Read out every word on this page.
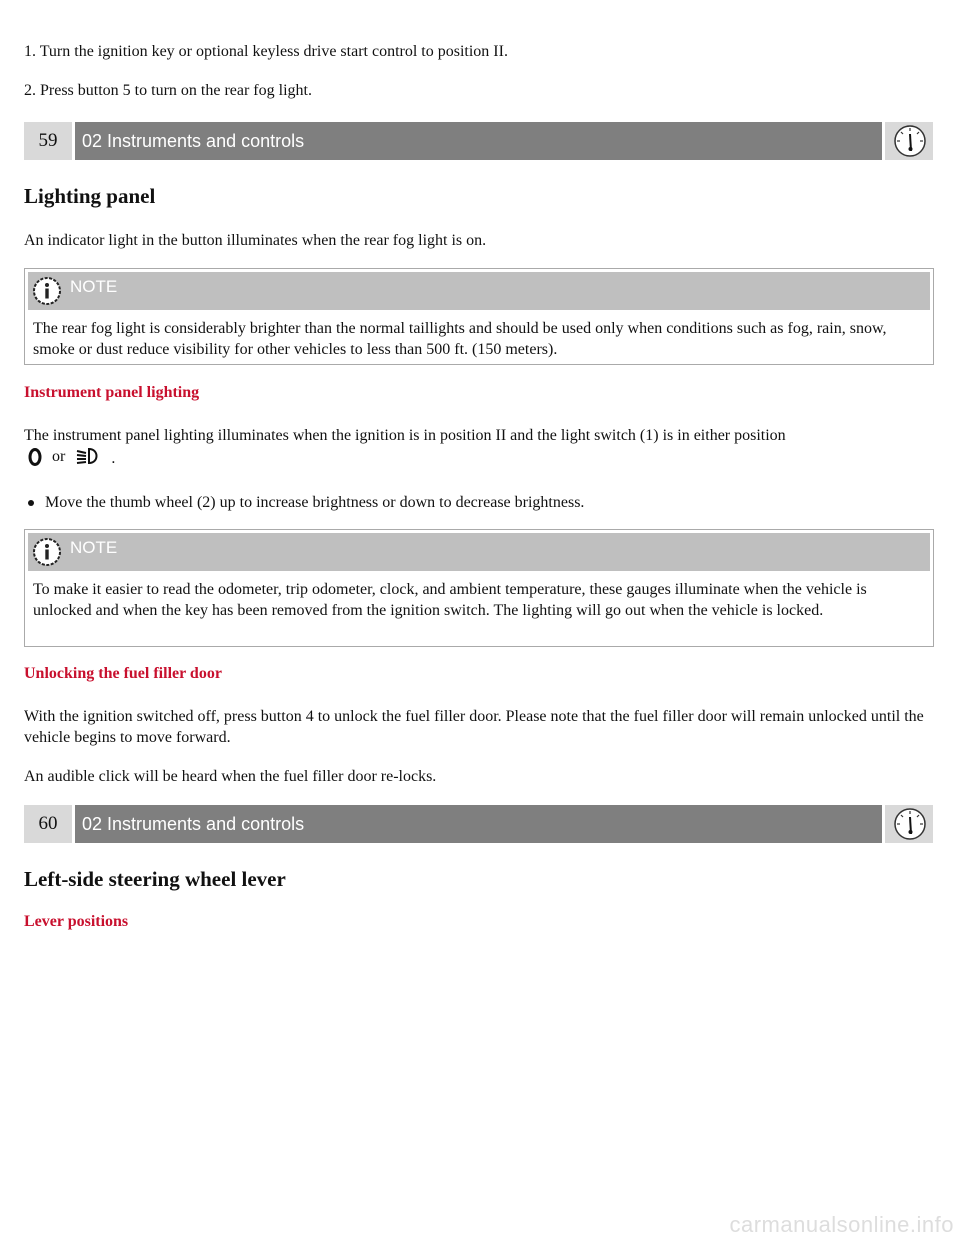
1. Turn the ignition key or optional keyless drive start control to position II.

2. Press button 5 to turn on the rear fog light.

59	02 Instruments and controls
Lighting panel

An indicator light in the button illuminates when the rear fog light is on.

NOTE
The rear fog light is considerably brighter than the normal taillights and should be used only when conditions such as fog, rain, snow, smoke or dust reduce visibility for other vehicles to less than 500 ft. (150 meters).
Instrument panel lighting

The instrument panel lighting illuminates when the ignition is in position II and the light switch (1) is in either position

or	.
Move the thumb wheel (2) up to increase brightness or down to decrease brightness.
NOTE
To make it easier to read the odometer, trip odometer, clock, and ambient temperature, these gauges illuminate when the vehicle is unlocked and when the key has been removed from the ignition switch. The lighting will go out when the vehicle is locked.
Unlocking the fuel filler door

With the ignition switched off, press button 4 to unlock the fuel filler door. Please note that the fuel filler door will remain unlocked until the vehicle begins to move forward.

An audible click will be heard when the fuel filler door re-locks.

60	02 Instruments and controls
Left-side steering wheel lever
Lever positions
carmanualsonline.info
